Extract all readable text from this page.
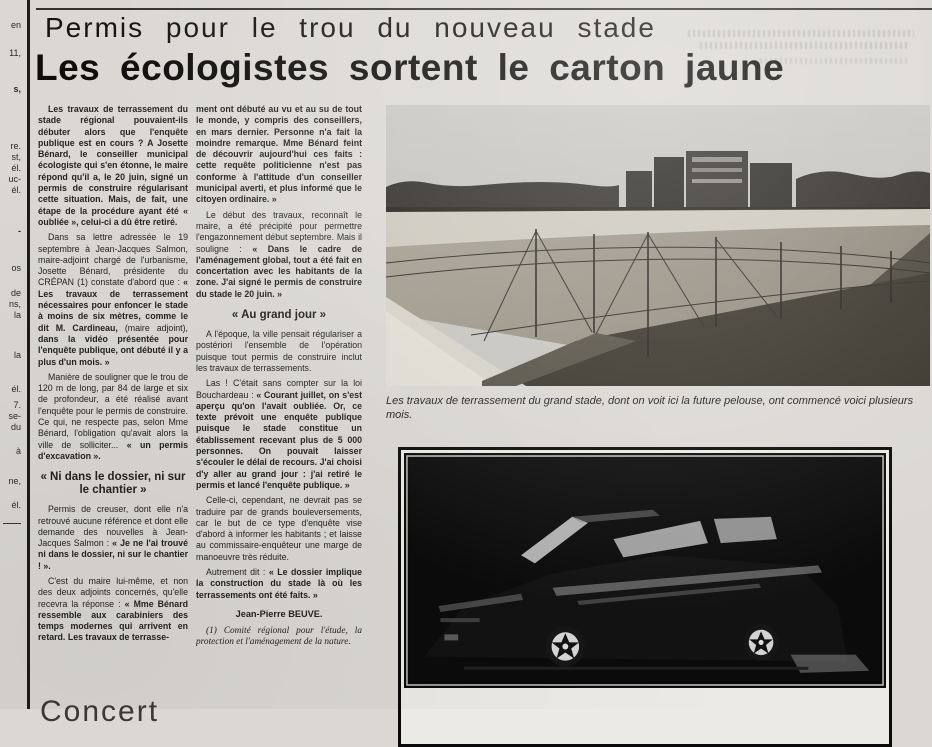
en
11,
s,
re.
st,
él.
uc-
él.
-
os
de
ns,
la
la
él.
7.
se-
du
à
ne,
él.
——
Permis pour le trou du nouveau stade
Les écologistes sortent le carton jaune

Les travaux de terrassement du stade régional pouvaient-ils débuter alors que l'enquête publique est en cours ? A Josette Bénard, le conseiller municipal écologiste qui s'en étonne, le maire répond qu'il a, le 20 juin, signé un permis de construire régularisant cette situation. Mais, de fait, une étape de la procédure ayant été « oubliée », celui-ci a dû être retiré.

Dans sa lettre adressée le 19 septembre à Jean-Jacques Salmon, maire-adjoint chargé de l'urbanisme, Josette Bénard, présidente du CRÉPAN (1) constate d'abord que : « Les travaux de terrassement nécessaires pour enfoncer le stade à moins de six mètres, comme le dit M. Cardineau, (maire adjoint), dans la vidéo présentée pour l'enquête publique, ont débuté il y a plus d'un mois. »

Manière de souligner que le trou de 120 m de long, par 84 de large et six de profondeur, a été réalisé avant l'enquête pour le permis de construire. Ce qui, ne respecte pas, selon Mme Bénard, l'obligation qu'avait alors la ville de solliciter... « un permis d'excavation ».

« Ni dans le dossier, ni sur le chantier »

Permis de creuser, dont elle n'a retrouvé aucune référence et dont elle demande des nouvelles à Jean-Jacques Salmon : « Je ne l'ai trouvé ni dans le dossier, ni sur le chantier ! ».

C'est du maire lui-même, et non des deux adjoints concernés, qu'elle recevra la réponse : « Mme Bénard ressemble aux carabiniers des temps modernes qui arrivent en retard. Les travaux de terrasse-

ment ont débuté au vu et au su de tout le monde, y compris des conseillers, en mars dernier. Personne n'a fait la moindre remarque. Mme Bénard feint de découvrir aujourd'hui ces faits : cette requête politicienne n'est pas conforme à l'attitude d'un conseiller municipal averti, et plus informé que le citoyen ordinaire. »

Le début des travaux, reconnaît le maire, a été précipité pour permettre l'engazonnement début septembre. Mais il souligne : « Dans le cadre de l'aménagement global, tout a été fait en concertation avec les habitants de la zone. J'ai signé le permis de construire du stade le 20 juin. »

« Au grand jour »

A l'époque, la ville pensait régulariser a postériori l'ensemble de l'opération puisque tout permis de construire inclut les travaux de terrassements.

Las ! C'était sans compter sur la loi Bouchardeau : « Courant juillet, on s'est aperçu qu'on l'avait oubliée. Or, ce texte prévoit une enquête publique puisque le stade constitue un établissement recevant plus de 5 000 personnes. On pouvait laisser s'écouler le délai de recours. J'ai choisi d'y aller au grand jour : j'ai retiré le permis et lancé l'enquête publique. »

Celle-ci, cependant, ne devrait pas se traduire par de grands bouleversements, car le but de ce type d'enquête vise d'abord à informer les habitants ; et laisse au commissaire-enquêteur une marge de manoeuvre très réduite.

Autrement dit : « Le dossier implique la construction du stade là où les terrassements ont été faits. »

Jean-Pierre BEUVE.

(1) Comité régional pour l'étude, la protection et l'aménagement de la nature.

Les travaux de terrassement du grand stade, dont on voit ici la future pelouse, ont commencé voici plusieurs mois.
Concert
